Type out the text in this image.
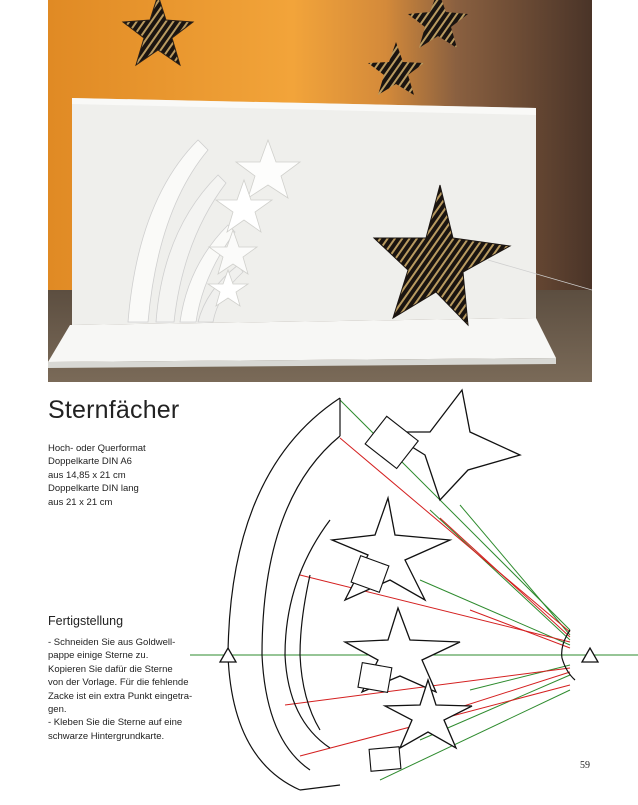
Sternfächer
Hoch- oder Querformat
Doppelkarte DIN A6
aus 14,85 x 21 cm
Doppelkarte DIN lang
aus 21 x 21 cm
Fertigstellung
- Schneiden Sie aus Goldwell-
pappe einige Sterne zu.
Kopieren Sie dafür die Sterne
von der Vorlage. Für die fehlende
Zacke ist ein extra Punkt eingetra-
gen.
- Kleben Sie die Sterne auf eine
schwarze Hintergrundkarte.
59
